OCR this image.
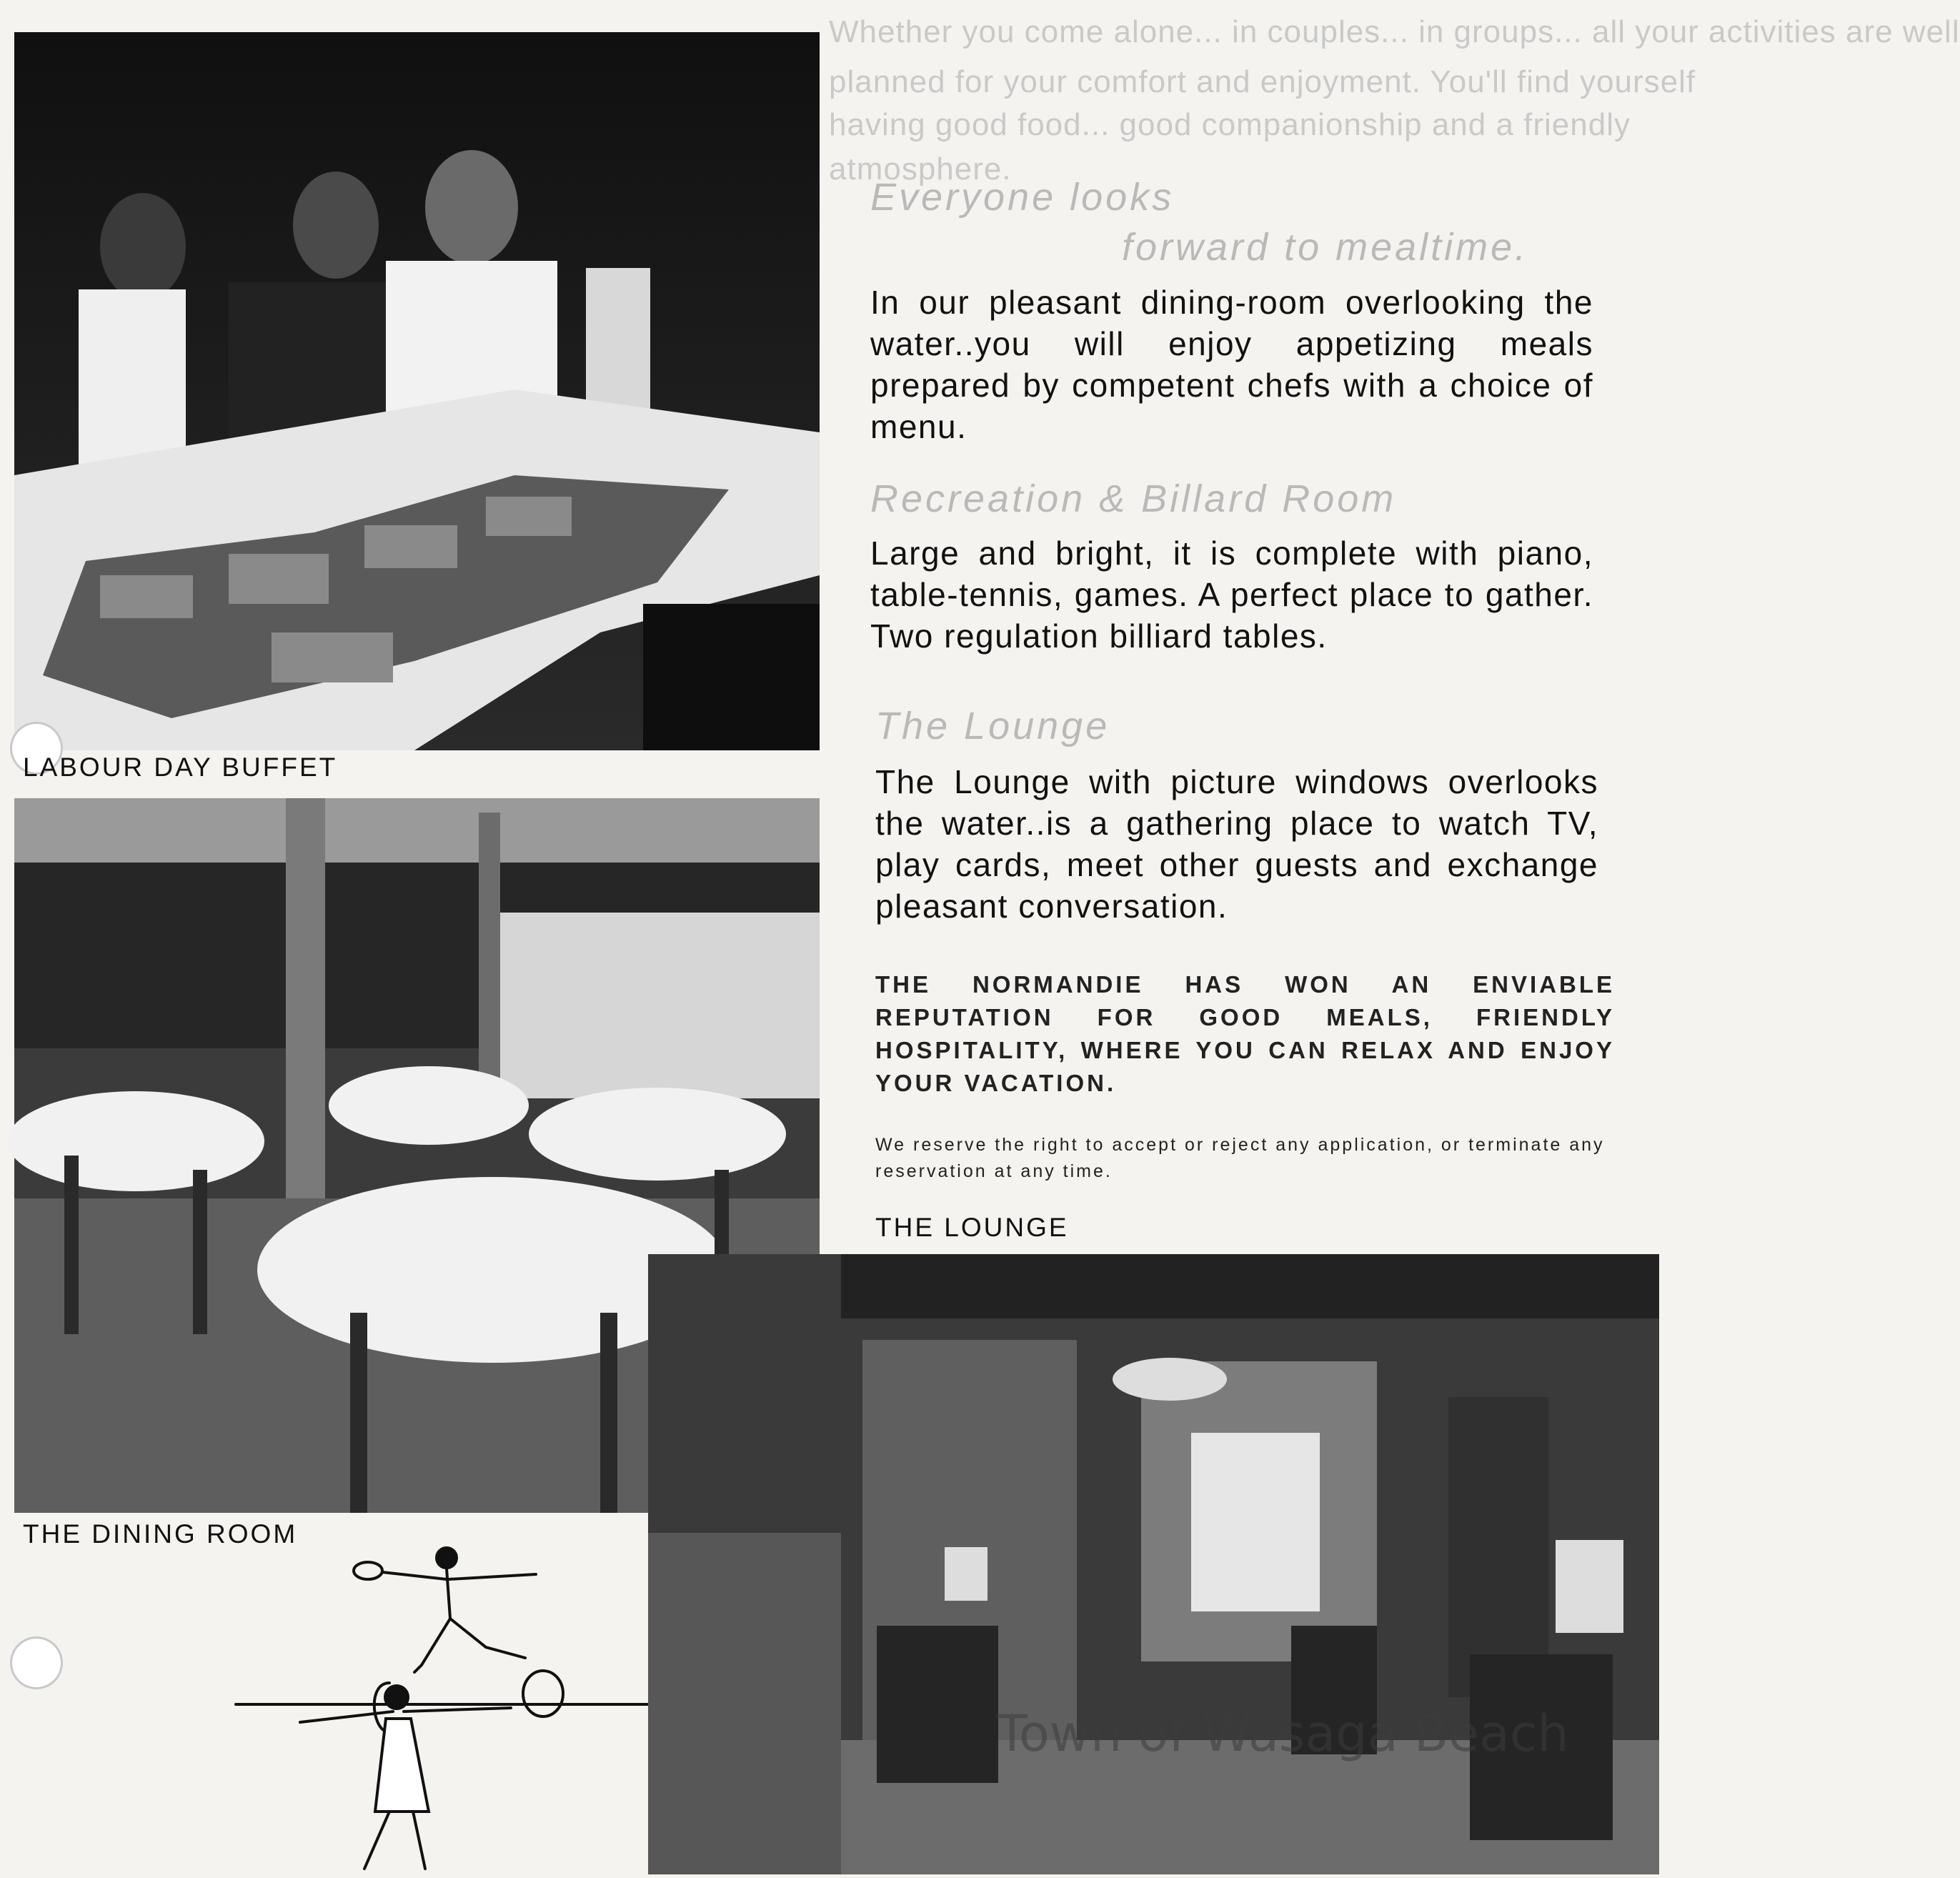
Whether you come alone... in couples... in groups... all your activities are well
planned for your comfort and enjoyment. You'll find yourself
having good food... good companionship and a friendly
atmosphere.
LABOUR DAY BUFFET
THE DINING ROOM
Town of Wasaga Beach
Everyone looks
forward to mealtime.
In our pleasant dining-room overlooking the water..you will enjoy appetizing meals prepared by competent chefs with a choice of menu.
Recreation & Billard Room
Large and bright, it is complete with piano, table-tennis, games. A perfect place to gather. Two regulation billiard tables.
The Lounge
The Lounge with picture windows overlooks the water..is a gathering place to watch TV, play cards, meet other guests and exchange pleasant conversation.
THE NORMANDIE HAS WON AN ENVIABLE REPUTATION FOR GOOD MEALS, FRIENDLY HOSPITALITY, WHERE YOU CAN RELAX AND ENJOY YOUR VACATION.
We reserve the right to accept or reject any application, or terminate any reservation at any time.
THE LOUNGE
